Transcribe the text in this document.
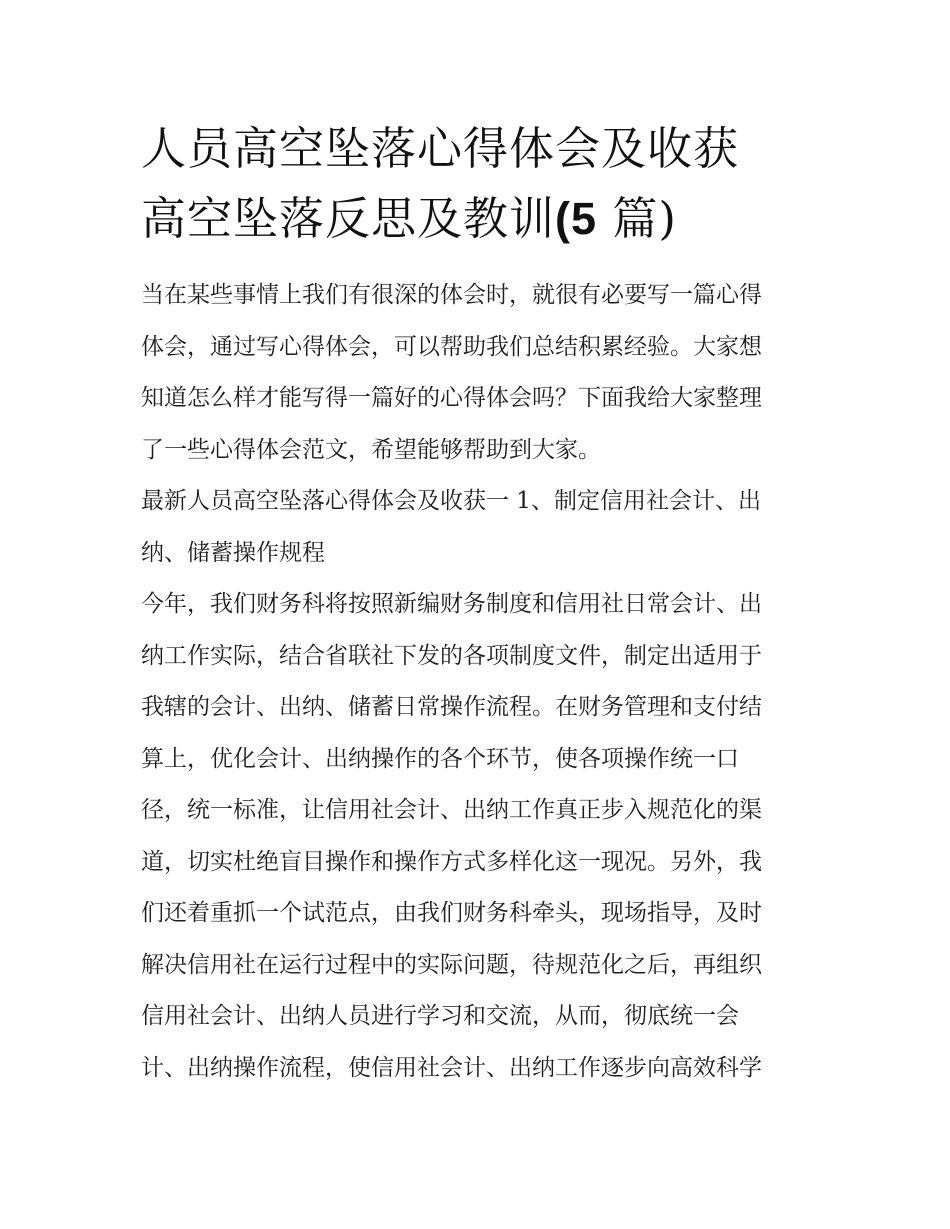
人员高空坠落心得体会及收获
高空坠落反思及教训(5 篇)
当在某些事情上我们有很深的体会时，就很有必要写一篇心得
体会，通过写心得体会，可以帮助我们总结积累经验。大家想
知道怎么样才能写得一篇好的心得体会吗？下面我给大家整理
了一些心得体会范文，希望能够帮助到大家。
最新人员高空坠落心得体会及收获一 1、制定信用社会计、出
纳、储蓄操作规程
今年，我们财务科将按照新编财务制度和信用社日常会计、出
纳工作实际，结合省联社下发的各项制度文件，制定出适用于
我辖的会计、出纳、储蓄日常操作流程。在财务管理和支付结
算上，优化会计、出纳操作的各个环节，使各项操作统一口
径，统一标准，让信用社会计、出纳工作真正步入规范化的渠
道，切实杜绝盲目操作和操作方式多样化这一现况。另外，我
们还着重抓一个试范点，由我们财务科牵头，现场指导，及时
解决信用社在运行过程中的实际问题，待规范化之后，再组织
信用社会计、出纳人员进行学习和交流，从而，彻底统一会
计、出纳操作流程，使信用社会计、出纳工作逐步向高效科学
